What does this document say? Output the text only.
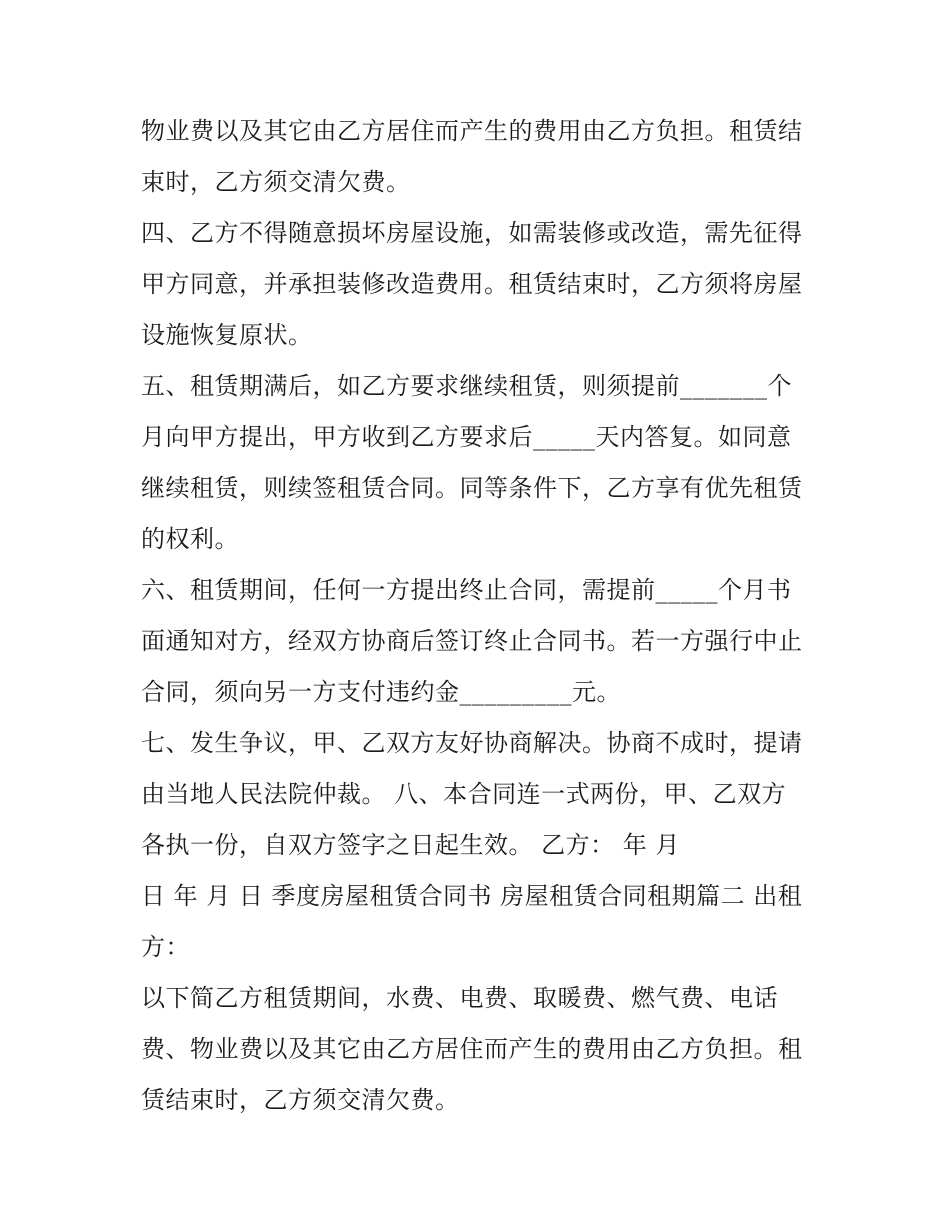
物业费以及其它由乙方居住而产生的费用由乙方负担。租赁结
束时，乙方须交清欠费。
四、乙方不得随意损坏房屋设施，如需装修或改造，需先征得
甲方同意，并承担装修改造费用。租赁结束时，乙方须将房屋
设施恢复原状。
五、租赁期满后，如乙方要求继续租赁，则须提前_______个
月向甲方提出，甲方收到乙方要求后_____天内答复。如同意
继续租赁，则续签租赁合同。同等条件下，乙方享有优先租赁
的权利。
六、租赁期间，任何一方提出终止合同，需提前_____个月书
面通知对方，经双方协商后签订终止合同书。若一方强行中止
合同，须向另一方支付违约金_________元。
七、发生争议，甲、乙双方友好协商解决。协商不成时，提请
由当地人民法院仲裁。 八、本合同连一式两份，甲、乙双方
各执一份，自双方签字之日起生效。 乙方： 年 月
日 年 月 日 季度房屋租赁合同书 房屋租赁合同租期篇二 出租
方：
以下简乙方租赁期间，水费、电费、取暖费、燃气费、电话
费、物业费以及其它由乙方居住而产生的费用由乙方负担。租
赁结束时，乙方须交清欠费。
